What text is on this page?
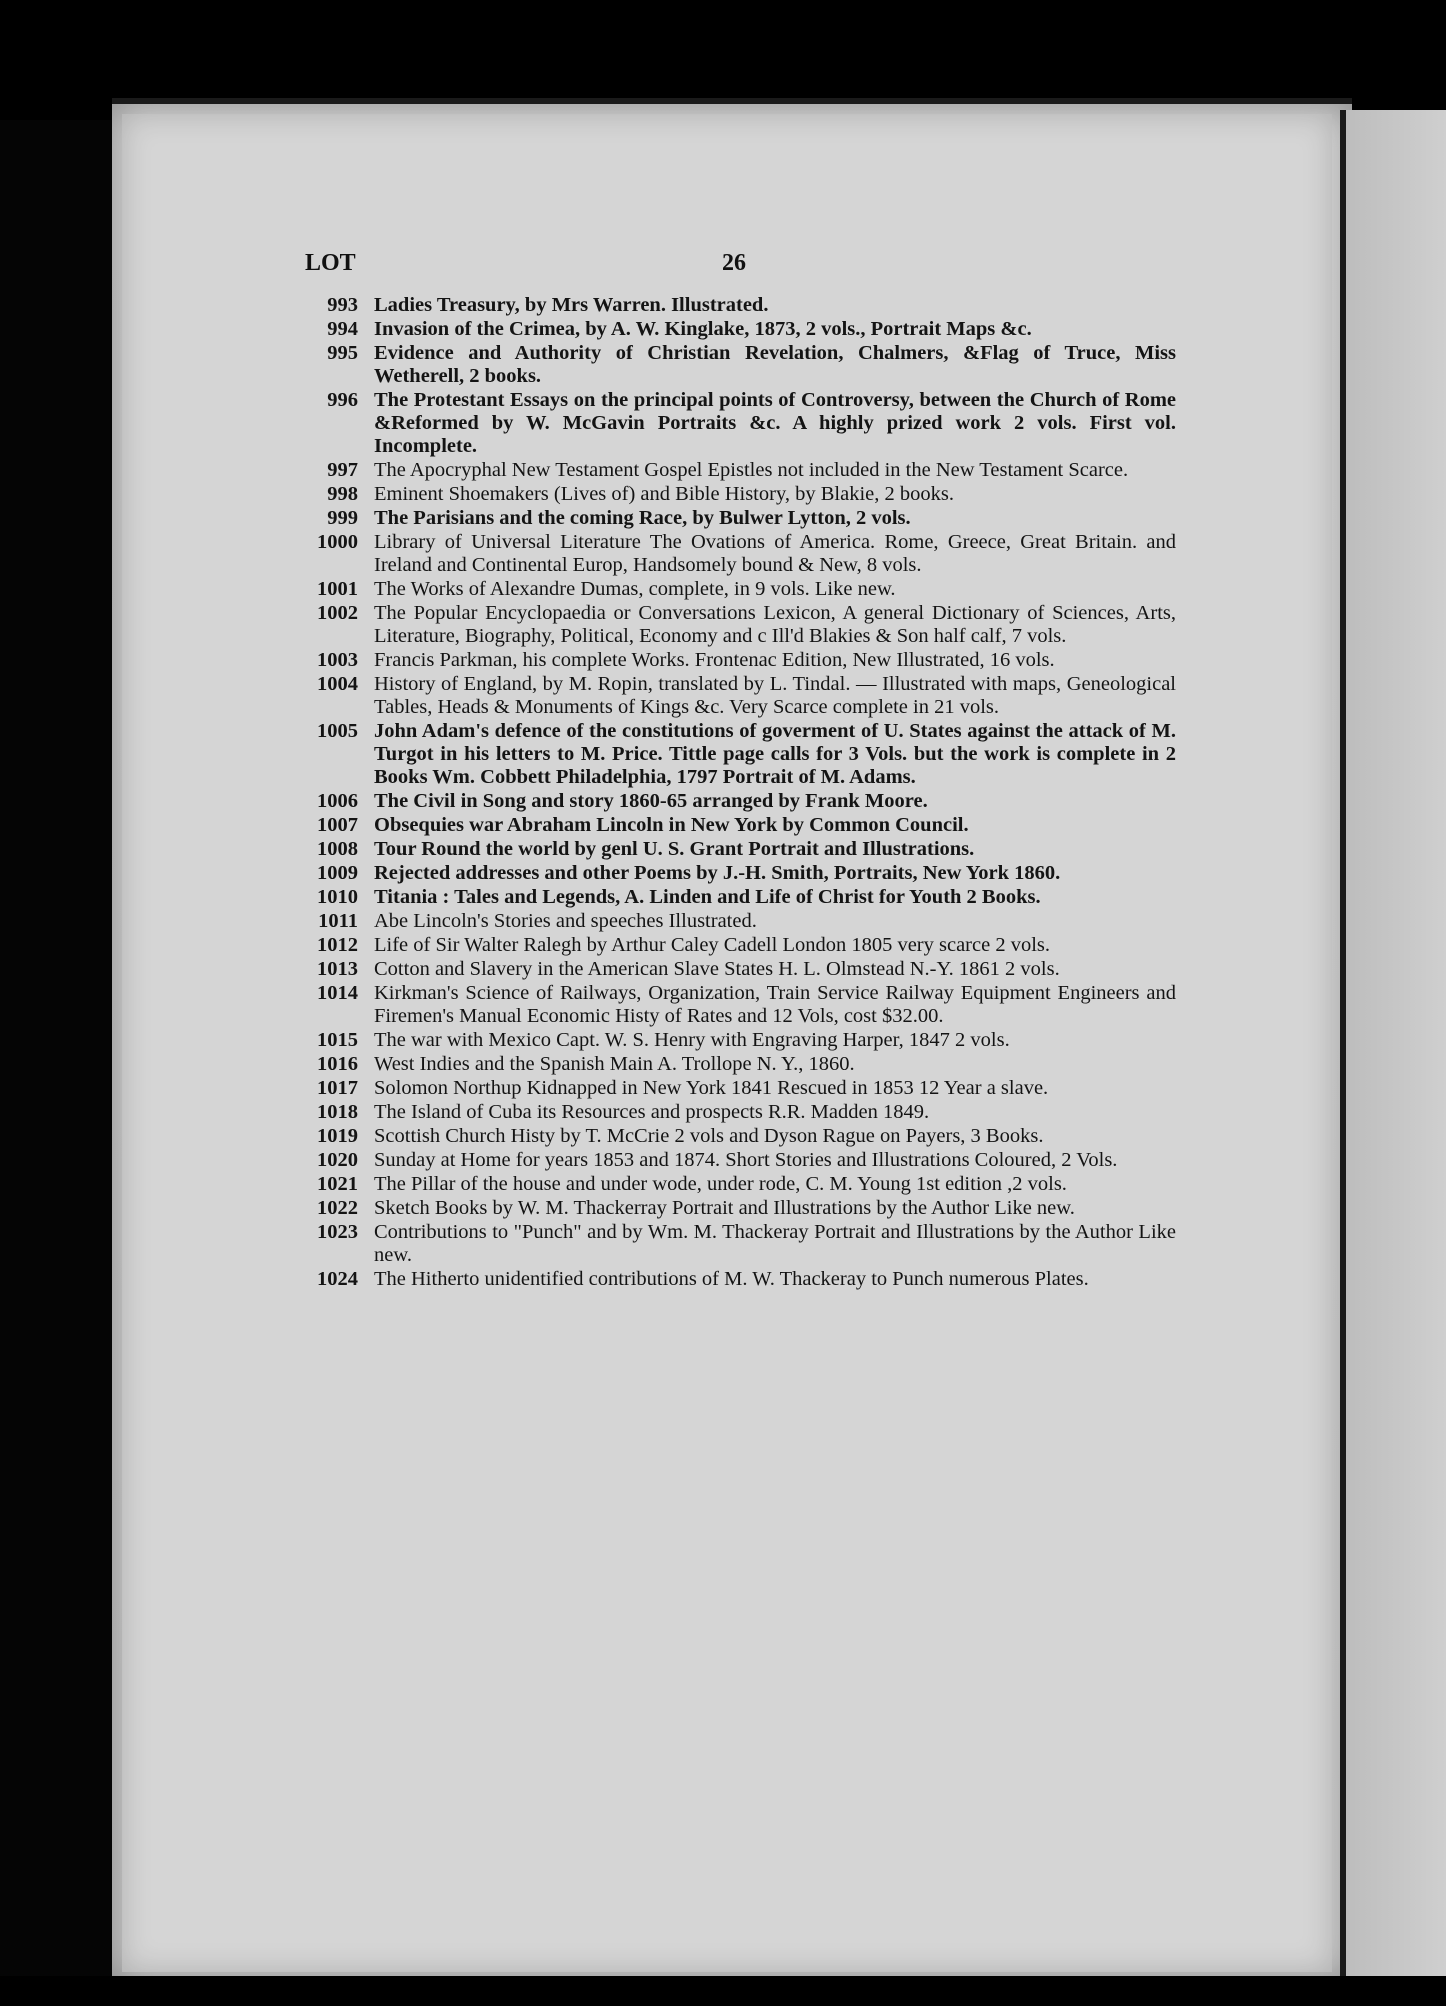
LOT	26
993 Ladies Treasury, by Mrs Warren. Illustrated.
994 Invasion of the Crimea, by A. W. Kinglake, 1873, 2 vols., Portrait Maps &c.
995 Evidence and Authority of Christian Revelation, Chalmers, &Flag of Truce, Miss Wetherell, 2 books.
996 The Protestant Essays on the principal points of Controversy, between the Church of Rome &Reformed by W. McGavin Portraits &c. A highly prized work 2 vols. First vol. Incomplete.
997 The Apocryphal New Testament Gospel Epistles not included in the New Testament Scarce.
998 Eminent Shoemakers (Lives of) and Bible History, by Blakie, 2 books.
999 The Parisians and the coming Race, by Bulwer Lytton, 2 vols.
1000 Library of Universal Literature The Ovations of America. Rome, Greece, Great Britain. and Ireland and Continental Europ, Handsomely bound & New, 8 vols.
1001 The Works of Alexandre Dumas, complete, in 9 vols. Like new.
1002 The Popular Encyclopaedia or Conversations Lexicon, A general Dictionary of Sciences, Arts, Literature, Biography, Political, Economy and c Ill'd Blakies & Son half calf, 7 vols.
1003 Francis Parkman, his complete Works. Frontenac Edition, New Illustrated, 16 vols.
1004 History of England, by M. Ropin, translated by L. Tindal. — Illustrated with maps, Geneological Tables, Heads & Monuments of Kings &c. Very Scarce complete in 21 vols.
1005 John Adam's defence of the constitutions of goverment of U. States against the attack of M. Turgot in his letters to M. Price. Tittle page calls for 3 Vols. but the work is complete in 2 Books Wm. Cobbett Philadelphia, 1797 Portrait of M. Adams.
1006 The Civil in Song and story 1860-65 arranged by Frank Moore.
1007 Obsequies war Abraham Lincoln in New York by Common Council.
1008 Tour Round the world by genl U. S. Grant Portrait and Illustrations.
1009 Rejected addresses and other Poems by J.-H. Smith, Portraits, New York 1860.
1010 Titania : Tales and Legends, A. Linden and Life of Christ for Youth 2 Books.
1011 Abe Lincoln's Stories and speeches Illustrated.
1012 Life of Sir Walter Ralegh by Arthur Caley Cadell London 1805 very scarce 2 vols.
1013 Cotton and Slavery in the American Slave States H. L. Olmstead N.-Y. 1861 2 vols.
1014 Kirkman's Science of Railways, Organization, Train Service Railway Equipment Engineers and Firemen's Manual Economic Histy of Rates and 12 Vols, cost $32.00.
1015 The war with Mexico Capt. W. S. Henry with Engraving Harper, 1847 2 vols.
1016 West Indies and the Spanish Main A. Trollope N. Y., 1860.
1017 Solomon Northup Kidnapped in New York 1841 Rescued in 1853 12 Year a slave.
1018 The Island of Cuba its Resources and prospects R.R. Madden 1849.
1019 Scottish Church Histy by T. McCrie 2 vols and Dyson Rague on Payers, 3 Books.
1020 Sunday at Home for years 1853 and 1874. Short Stories and Illustrations Coloured, 2 Vols.
1021 The Pillar of the house and under wode, under rode, C. M. Young 1st edition ,2 vols.
1022 Sketch Books by W. M. Thackerray Portrait and Illustrations by the Author Like new.
1023 Contributions to "Punch" and by Wm. M. Thackeray Portrait and Illustrations by the Author Like new.
1024 The Hitherto unidentified contributions of M. W. Thackeray to Punch numerous Plates.
